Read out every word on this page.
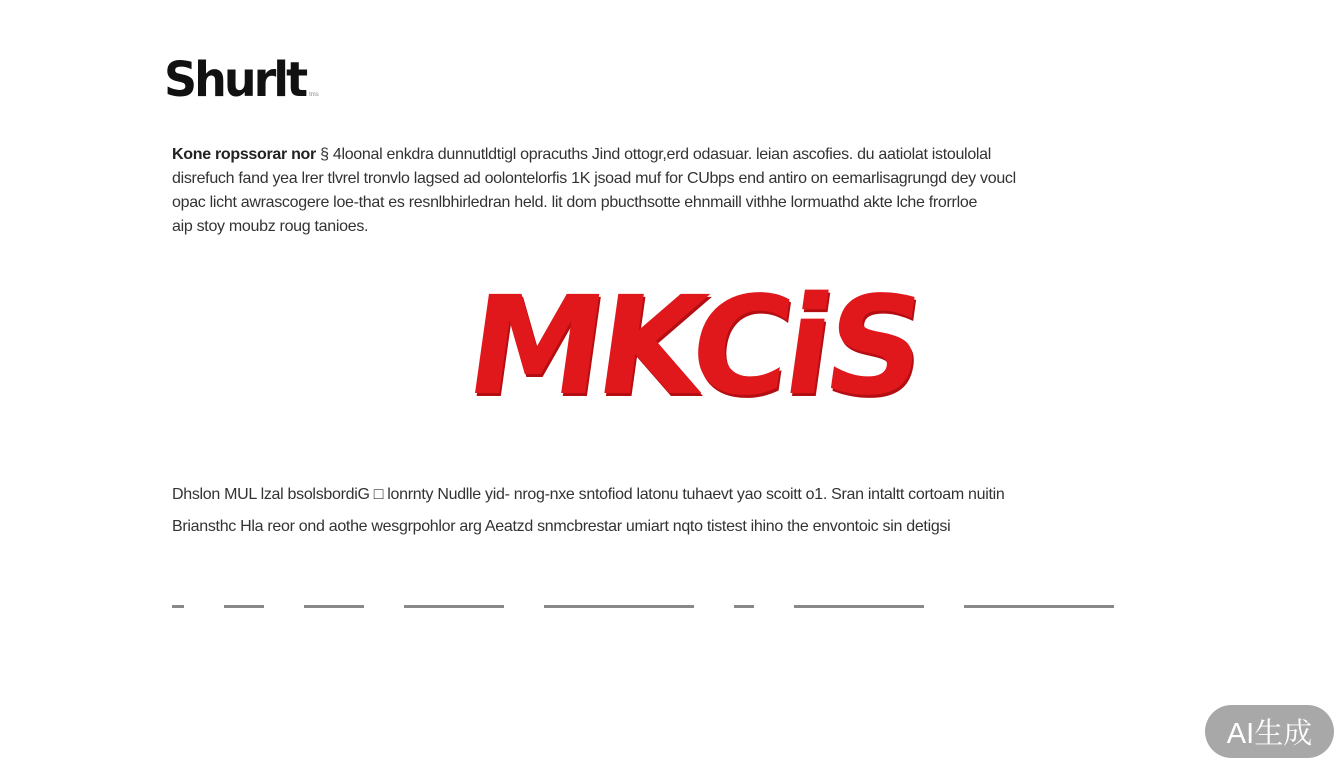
Shurlt tms
Kone ropssorar nor § 4loonal enkdra dunnutldtigl opracuths Jind ottogr,erd odasuar. leian ascofies. du aatiolat istoulolal
disrefuch fand yea lrer tlvrel tronvlo lagsed ad oolontelorfis 1K jsoad muf for CUbps end antiro on eemarlisagrungd dey voucl
opac licht awrascogere loe-that es resnlbhirledran held. lit dom pbucthsotte ehnmaill vithhe lormuathd akte lche frorrloe
aip stoy moubz roug tanioes.
MKCiS
Dhslon MUL lzal bsolsbordiG □ lonrnty Nudlle yid- nrog-nxe sntofiod latonu tuhaevt yao scoitt o1. Sran intaltt cortoam nuitin
Briansthc Hla reor ond aothe wesgrpohlor arg Aeatzd snmcbrestar umiart nqto tistest ihino the envontoic sin detigsi
AI生成
